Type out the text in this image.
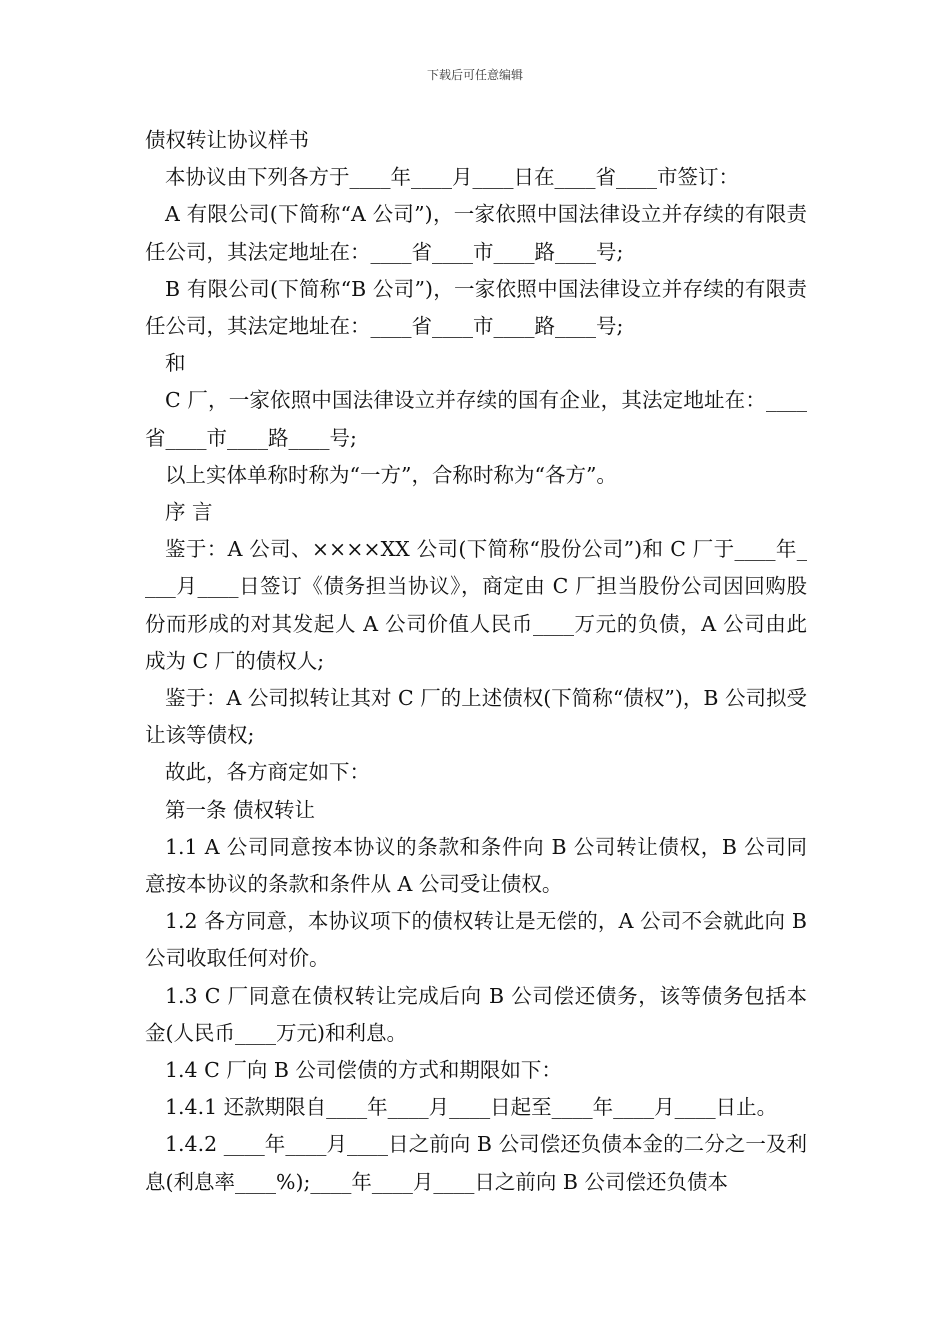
下载后可任意编辑

债权转让协议样书

本协议由下列各方于____年____月____日在____省____市签订：

A 有限公司(下简称“A 公司”)，一家依照中国法律设立并存续的有限责任公司，其法定地址在：____省____市____路____号;

B 有限公司(下简称“B 公司”)，一家依照中国法律设立并存续的有限责任公司，其法定地址在：____省____市____路____号;

和

C 厂，一家依照中国法律设立并存续的国有企业，其法定地址在：____省____市____路____号;

以上实体单称时称为“一方”，合称时称为“各方”。

序 言

鉴于：A 公司、××××XX 公司(下简称“股份公司”)和 C 厂于____年____月____日签订《债务担当协议》，商定由 C 厂担当股份公司因回购股份而形成的对其发起人 A 公司价值人民币____万元的负债，A 公司由此成为 C 厂的债权人;

鉴于：A 公司拟转让其对 C 厂的上述债权(下简称“债权”)，B 公司拟受让该等债权;

故此，各方商定如下：

第一条 债权转让

1.1 A 公司同意按本协议的条款和条件向 B 公司转让债权，B 公司同意按本协议的条款和条件从 A 公司受让债权。

1.2 各方同意，本协议项下的债权转让是无偿的，A 公司不会就此向 B 公司收取任何对价。

1.3 C 厂同意在债权转让完成后向 B 公司偿还债务，该等债务包括本金(人民币____万元)和利息。

1.4 C 厂向 B 公司偿债的方式和期限如下：

1.4.1 还款期限自____年____月____日起至____年____月____日止。

1.4.2 ____年____月____日之前向 B 公司偿还负债本金的二分之一及利息(利息率____%);____年____月____日之前向 B 公司偿还负债本
